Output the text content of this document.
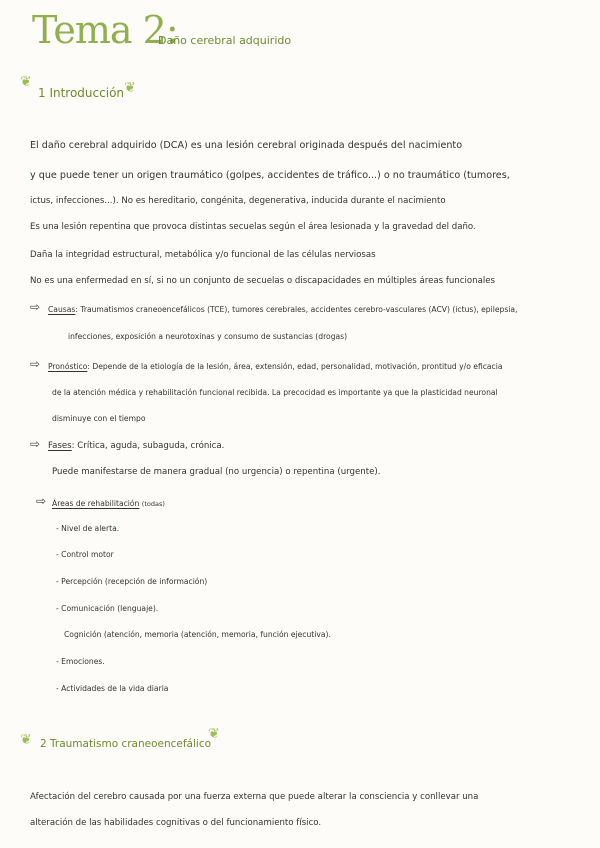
Tema 2:
Daño cerebral adquirido
❦
1 Introducción ❦
El daño cerebral adquirido (DCA) es una lesión cerebral originada después del nacimiento
y que puede tener un origen traumático (golpes, accidentes de tráfico...) o no traumático (tumores,
ictus, infecciones...). No es hereditario, congénita, degenerativa, inducida durante el nacimiento
Es una lesión repentina que provoca distintas secuelas según el área lesionada y la gravedad del daño.
Daña la integridad estructural, metabólica y/o funcional de las células nerviosas
No es una enfermedad en sí, si no un conjunto de secuelas o discapacidades en múltiples áreas funcionales
⇨ Causas: Traumatismos craneoencefálicos (TCE), tumores cerebrales, accidentes cerebro-vasculares (ACV) (ictus), epilepsia,
infecciones, exposición a neurotoxinas y consumo de sustancias (drogas)
⇨ Pronóstico: Depende de la etiología de la lesión, área, extensión, edad, personalidad, motivación, prontitud y/o eficacia
de la atención médica y rehabilitación funcional recibida. La precocidad es importante ya que la plasticidad neuronal
disminuye con el tiempo
⇨ Fases: Crítica, aguda, subaguda, crónica.
Puede manifestarse de manera gradual (no urgencia) o repentina (urgente).
⇨ Áreas de rehabilitación (todas)
- Nivel de alerta.
- Control motor
- Percepción (recepción de información)
- Comunicación (lenguaje).
Cognición (atención, memoria (atención, memoria, función ejecutiva).
- Emociones.
- Actividades de la vida diaria
❦ 2 Traumatismo craneoencefálico
❦
Afectación del cerebro causada por una fuerza externa que puede alterar la consciencia y conllevar una
alteración de las habilidades cognitivas o del funcionamiento físico.
